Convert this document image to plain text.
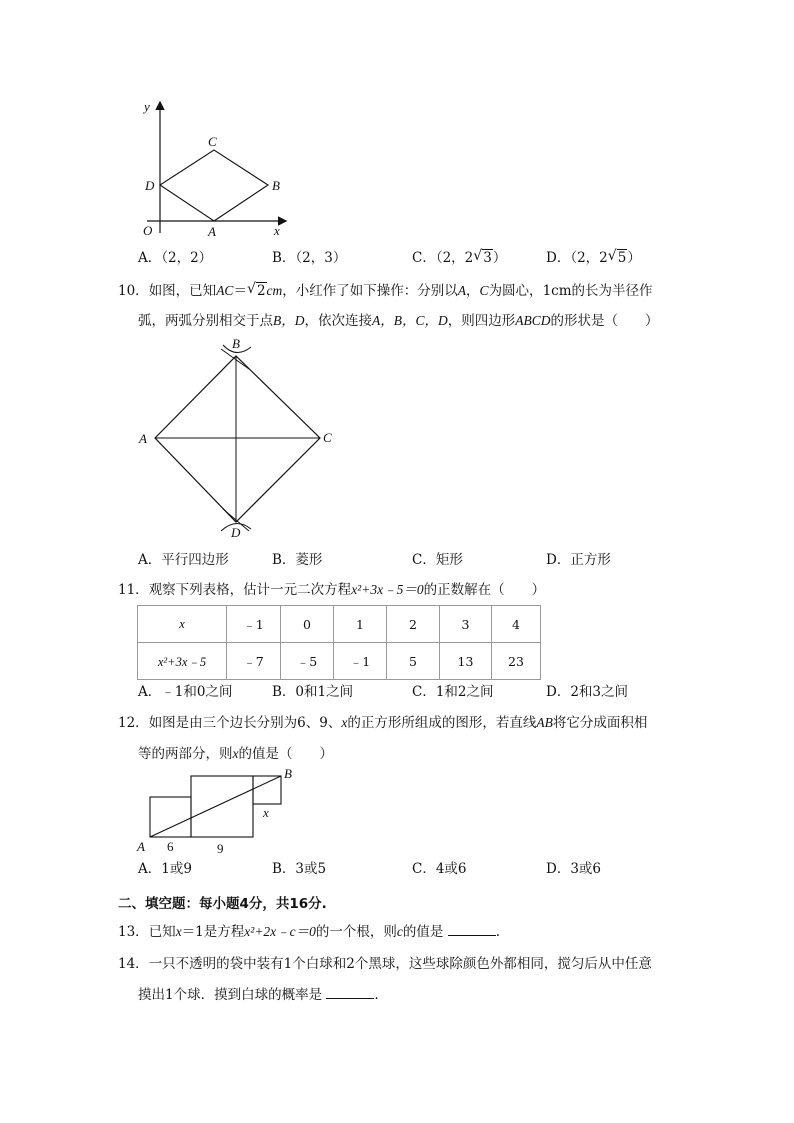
y
x
O	A
B
C
D
A．（2，2）	B．（2，3）	C．（2，2 √ 3）	D．（2，2 √ 5）
10．如图，已知AC＝ √ 2cm，小红作了如下操作：分别以A，C为圆心，1cm的长为半径作
弧，两弧分别相交于点B，D，依次连接A，B，C，D，则四边形ABCD的形状是（　　）
B
A	C
D
A．平行四边形	B．菱形	C．矩形	D．正方形
11．观察下列表格，估计一元二次方程x²+3x﹣5＝0的正数解在（　　）
x	﹣1	0	1	2	3	4
x²+3x﹣5	﹣7	﹣5	﹣1	5	13	23
A．﹣1和0之间	B．0和1之间	C．1和2之间	D．2和3之间
12．如图是由三个边长分别为6、9、x的正方形所组成的图形，若直线AB将它分成面积相
等的两部分，则x的值是（　　）
A
B
x
6	9
A．1或9	B．3或5	C．4或6	D．3或6
二、填空题：每小题4分，共16分.
13．已知x＝1是方程x²+2x﹣c＝0的一个根，则c的值是	.
14．一只不透明的袋中装有1个白球和2个黑球，这些球除颜色外都相同，搅匀后从中任意
摸出1个球．摸到白球的概率是	.
